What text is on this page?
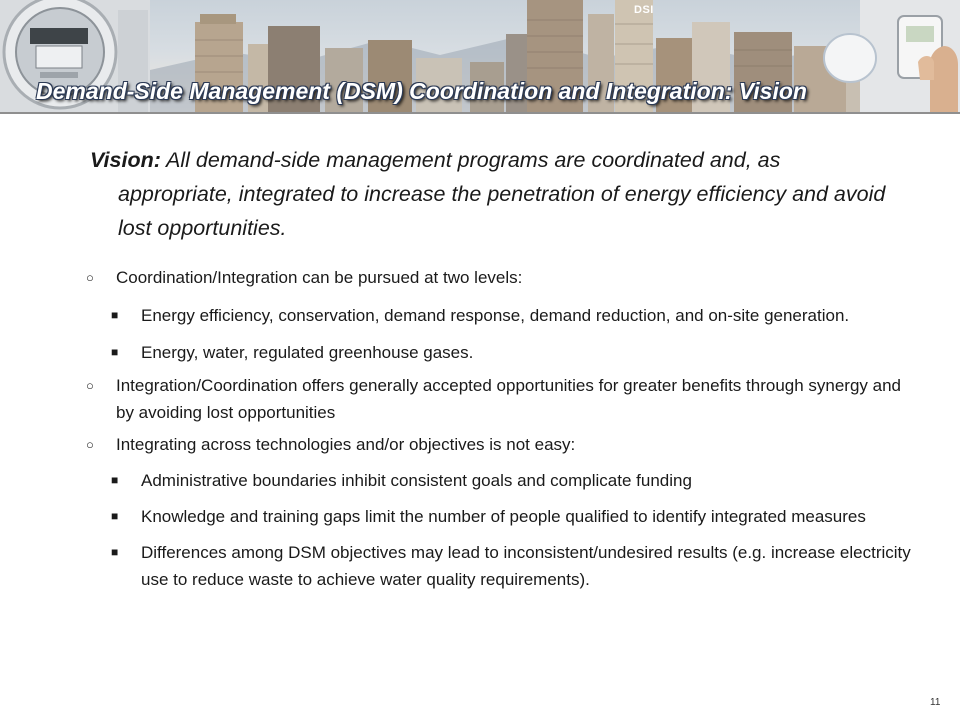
DSI
Demand-Side Management (DSM) Coordination and Integration: Vision

Vision: All demand-side management programs are coordinated and, as appropriate, integrated to increase the penetration of energy efficiency and avoid lost opportunities.

○ Coordination/Integration can be pursued at two levels:

■ Energy efficiency, conservation, demand response, demand reduction, and on-site generation.

■ Energy, water, regulated greenhouse gases.

○ Integration/Coordination offers generally accepted opportunities for greater benefits through synergy and by avoiding lost opportunities

○ Integrating across technologies and/or objectives is not easy:

■ Administrative boundaries inhibit consistent goals and complicate funding

■ Knowledge and training gaps limit the number of people qualified to identify integrated measures

■ Differences among DSM objectives may lead to inconsistent/undesired results (e.g. increase electricity use to reduce waste to achieve water quality requirements).

11
